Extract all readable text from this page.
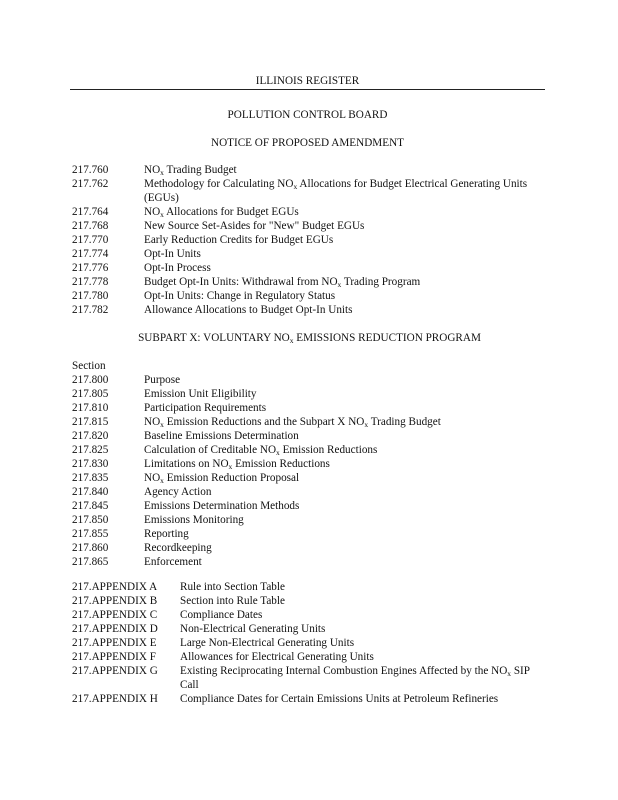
ILLINOIS REGISTER
POLLUTION CONTROL BOARD
NOTICE OF PROPOSED AMENDMENT
217.760	$NO_x$ Trading Budget
217.762	Methodology for Calculating $NO_x$ Allocations for Budget Electrical Generating Units (EGUs)
217.764	$NO_x$ Allocations for Budget EGUs
217.768	New Source Set-Asides for "New" Budget EGUs
217.770	Early Reduction Credits for Budget EGUs
217.774	Opt-In Units
217.776	Opt-In Process
217.778	Budget Opt-In Units: Withdrawal from $NO_x$ Trading Program
217.780	Opt-In Units: Change in Regulatory Status
217.782	Allowance Allocations to Budget Opt-In Units
SUBPART X: VOLUNTARY $NO_x$ EMISSIONS REDUCTION PROGRAM
Section
217.800	Purpose
217.805	Emission Unit Eligibility
217.810	Participation Requirements
217.815	$NO_x$ Emission Reductions and the Subpart X $NO_x$ Trading Budget
217.820	Baseline Emissions Determination
217.825	Calculation of Creditable $NO_x$ Emission Reductions
217.830	Limitations on $NO_x$ Emission Reductions
217.835	$NO_x$ Emission Reduction Proposal
217.840	Agency Action
217.845	Emissions Determination Methods
217.850	Emissions Monitoring
217.855	Reporting
217.860	Recordkeeping
217.865	Enforcement
217.APPENDIX A	Rule into Section Table
217.APPENDIX B	Section into Rule Table
217.APPENDIX C	Compliance Dates
217.APPENDIX D	Non-Electrical Generating Units
217.APPENDIX E	Large Non-Electrical Generating Units
217.APPENDIX F	Allowances for Electrical Generating Units
217.APPENDIX G	Existing Reciprocating Internal Combustion Engines Affected by the $NO_x$ SIP Call
217.APPENDIX H	Compliance Dates for Certain Emissions Units at Petroleum Refineries
